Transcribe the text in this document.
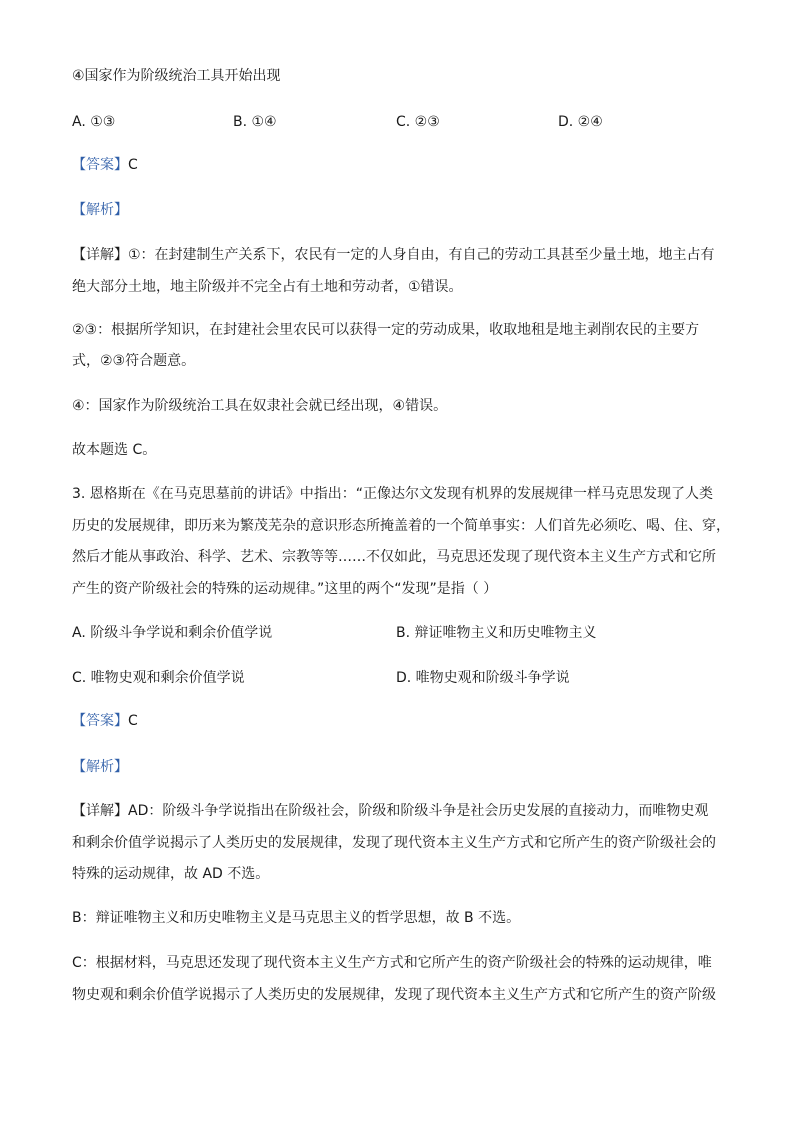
④国家作为阶级统治工具开始出现
A. ①③	B. ①④	C. ②③	D. ②④
【答案】C
【解析】
【详解】①：在封建制生产关系下，农民有一定的人身自由，有自己的劳动工具甚至少量土地，地主占有
绝大部分土地，地主阶级并不完全占有土地和劳动者，①错误。
②③：根据所学知识，在封建社会里农民可以获得一定的劳动成果，收取地租是地主剥削农民的主要方
式，②③符合题意。
④：国家作为阶级统治工具在奴隶社会就已经出现，④错误。
故本题选 C。
3. 恩格斯在《在马克思墓前的讲话》中指出：“正像达尔文发现有机界的发展规律一样马克思发现了人类
历史的发展规律，即历来为繁茂芜杂的意识形态所掩盖着的一个简单事实：人们首先必须吃、喝、住、穿，
然后才能从事政治、科学、艺术、宗教等等……不仅如此，马克思还发现了现代资本主义生产方式和它所
产生的资产阶级社会的特殊的运动规律。”这里的两个“发现”是指（ ）
A. 阶级斗争学说和剩余价值学说	B. 辩证唯物主义和历史唯物主义
C. 唯物史观和剩余价值学说	D. 唯物史观和阶级斗争学说
【答案】C
【解析】
【详解】AD：阶级斗争学说指出在阶级社会，阶级和阶级斗争是社会历史发展的直接动力，而唯物史观
和剩余价值学说揭示了人类历史的发展规律，发现了现代资本主义生产方式和它所产生的资产阶级社会的
特殊的运动规律，故 AD 不选。
B：辩证唯物主义和历史唯物主义是马克思主义的哲学思想，故 B 不选。
C：根据材料，马克思还发现了现代资本主义生产方式和它所产生的资产阶级社会的特殊的运动规律，唯
物史观和剩余价值学说揭示了人类历史的发展规律，发现了现代资本主义生产方式和它所产生的资产阶级
